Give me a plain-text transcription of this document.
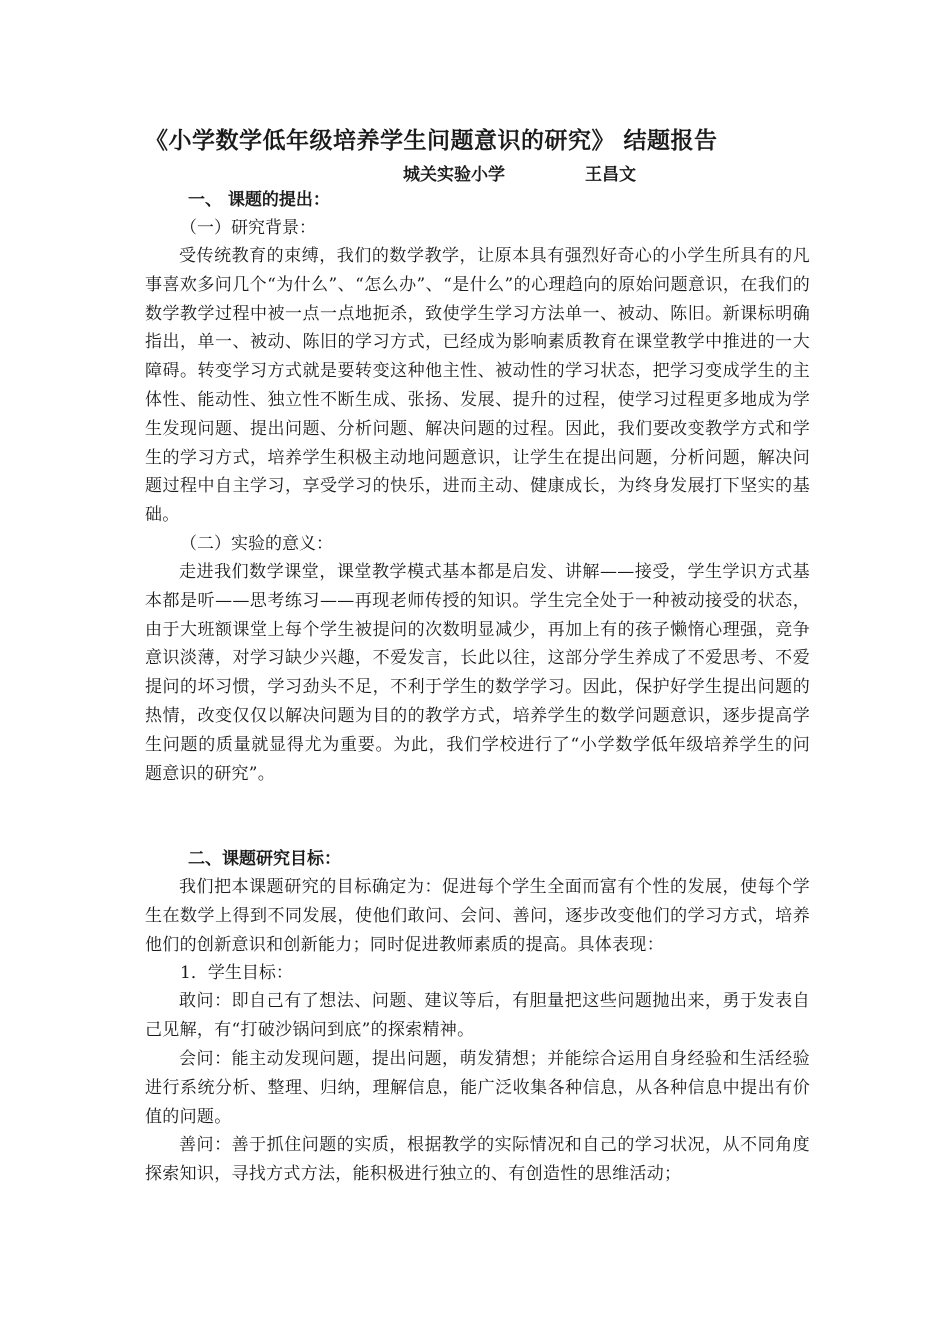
《小学数学低年级培养学生问题意识的研究》 结题报告
城关实验小学	王昌文
一、 课题的提出：
（一）研究背景：
受传统教育的束缚，我们的数学教学，让原本具有强烈好奇心的小学生所具有的凡事喜欢多问几个“为什么”、“怎么办”、“是什么”的心理趋向的原始问题意识，在我们的数学教学过程中被一点一点地扼杀，致使学生学习方法单一、被动、陈旧。新课标明确指出，单一、被动、陈旧的学习方式，已经成为影响素质教育在课堂教学中推进的一大障碍。转变学习方式就是要转变这种他主性、被动性的学习状态，把学习变成学生的主体性、能动性、独立性不断生成、张扬、发展、提升的过程，使学习过程更多地成为学生发现问题、提出问题、分析问题、解决问题的过程。因此，我们要改变教学方式和学生的学习方式，培养学生积极主动地问题意识，让学生在提出问题，分析问题，解决问题过程中自主学习，享受学习的快乐，进而主动、健康成长，为终身发展打下坚实的基础。
（二）实验的意义：
走进我们数学课堂，课堂教学模式基本都是启发、讲解——接受，学生学识方式基本都是听——思考练习——再现老师传授的知识。学生完全处于一种被动接受的状态，由于大班额课堂上每个学生被提问的次数明显减少，再加上有的孩子懒惰心理强，竞争意识淡薄，对学习缺少兴趣，不爱发言，长此以往，这部分学生养成了不爱思考、不爱提问的坏习惯，学习劲头不足，不利于学生的数学学习。因此，保护好学生提出问题的热情，改变仅仅以解决问题为目的的教学方式，培养学生的数学问题意识，逐步提高学生问题的质量就显得尤为重要。为此，我们学校进行了“小学数学低年级培养学生的问题意识的研究”。
二、课题研究目标：
我们把本课题研究的目标确定为：促进每个学生全面而富有个性的发展，使每个学生在数学上得到不同发展，使他们敢问、会问、善问，逐步改变他们的学习方式，培养他们的创新意识和创新能力；同时促进教师素质的提高。具体表现：
1．学生目标：
敢问：即自己有了想法、问题、建议等后，有胆量把这些问题抛出来，勇于发表自己见解，有“打破沙锅问到底”的探索精神。
会问：能主动发现问题，提出问题，萌发猜想；并能综合运用自身经验和生活经验进行系统分析、整理、归纳，理解信息，能广泛收集各种信息，从各种信息中提出有价值的问题。
善问：善于抓住问题的实质，根据教学的实际情况和自己的学习状况，从不同角度探索知识，寻找方式方法，能积极进行独立的、有创造性的思维活动；
